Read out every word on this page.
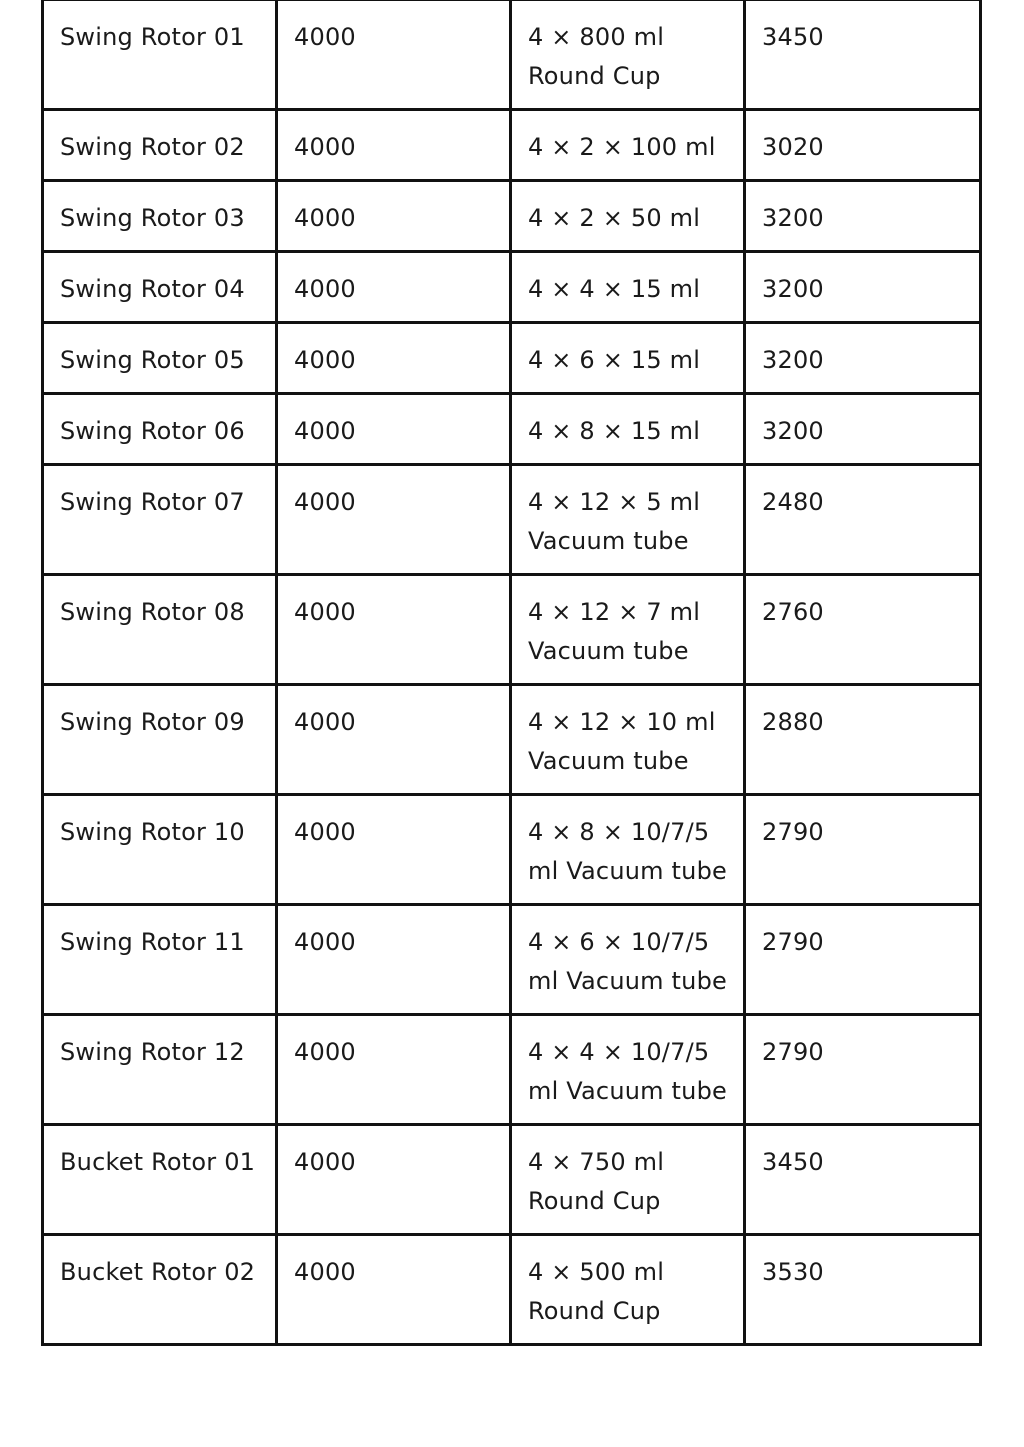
Swing Rotor 01	4000	4 × 800 ml Round Cup	3450
Swing Rotor 02	4000	4 × 2 × 100 ml	3020
Swing Rotor 03	4000	4 × 2 × 50 ml	3200
Swing Rotor 04	4000	4 × 4 × 15 ml	3200
Swing Rotor 05	4000	4 × 6 × 15 ml	3200
Swing Rotor 06	4000	4 × 8 × 15 ml	3200
Swing Rotor 07	4000	4 × 12 × 5 ml Vacuum tube	2480
Swing Rotor 08	4000	4 × 12 × 7 ml Vacuum tube	2760
Swing Rotor 09	4000	4 × 12 × 10 ml Vacuum tube	2880
Swing Rotor 10	4000	4 × 8 × 10/7/5 ml Vacuum tube	2790
Swing Rotor 11	4000	4 × 6 × 10/7/5 ml Vacuum tube	2790
Swing Rotor 12	4000	4 × 4 × 10/7/5 ml Vacuum tube	2790
Bucket Rotor 01	4000	4 × 750 ml Round Cup	3450
Bucket Rotor 02	4000	4 × 500 ml Round Cup	3530
